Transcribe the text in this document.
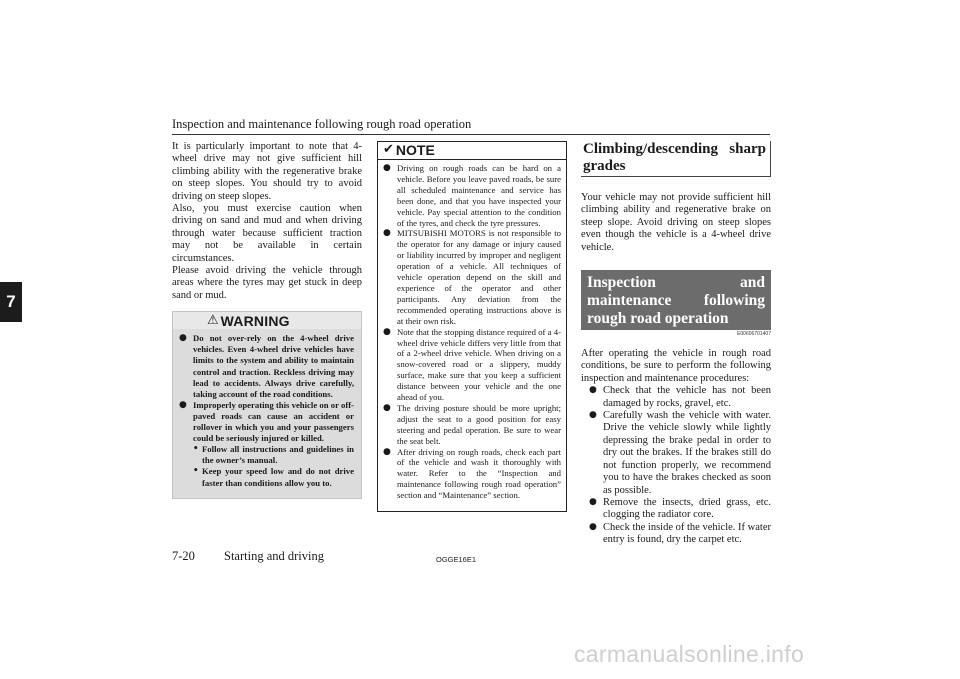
Inspection and maintenance following rough road operation
7

It is particularly important to note that 4-wheel drive may not give sufficient hill climbing ability with the regenerative brake on steep slopes. You should try to avoid driving on steep slopes.

Also, you must exercise caution when driving on sand and mud and when driving through water because sufficient traction may not be available in certain circumstances.

Please avoid driving the vehicle through areas where the tyres may get stuck in deep sand or mud.

⚠ WARNING
● Do not over-rely on the 4-wheel drive vehicles. Even 4-wheel drive vehicles have limits to the system and ability to maintain control and traction. Reckless driving may lead to accidents. Always drive carefully, taking account of the road conditions.
● Improperly operating this vehicle on or off-paved roads can cause an accident or rollover in which you and your passengers could be seriously injured or killed.
• Follow all instructions and guidelines in the owner’s manual.
• Keep your speed low and do not drive faster than conditions allow you to.
✔ NOTE
● Driving on rough roads can be hard on a vehicle. Before you leave paved roads, be sure all scheduled maintenance and service has been done, and that you have inspected your vehicle. Pay special attention to the condition of the tyres, and check the tyre pressures.
● MITSUBISHI MOTORS is not responsible to the operator for any damage or injury caused or liability incurred by improper and negligent operation of a vehicle. All techniques of vehicle operation depend on the skill and experience of the operator and other participants. Any deviation from the recommended operating instructions above is at their own risk.
● Note that the stopping distance required of a 4-wheel drive vehicle differs very little from that of a 2-wheel drive vehicle. When driving on a snow-covered road or a slippery, muddy surface, make sure that you keep a sufficient distance between your vehicle and the one ahead of you.
● The driving posture should be more upright; adjust the seat to a good position for easy steering and pedal operation. Be sure to wear the seat belt.
● After driving on rough roads, check each part of the vehicle and wash it thoroughly with water. Refer to the “Inspection and maintenance following rough road operation” section and “Maintenance” section.
Climbing/descending sharp grades

Your vehicle may not provide sufficient hill climbing ability and regenerative brake on steep slope. Avoid driving on steep slopes even though the vehicle is a 4-wheel drive vehicle.

Inspection and maintenance following rough road operation
E00606701407

After operating the vehicle in rough road conditions, be sure to perform the following inspection and maintenance procedures:

● Check that the vehicle has not been damaged by rocks, gravel, etc.
● Carefully wash the vehicle with water. Drive the vehicle slowly while lightly depressing the brake pedal in order to dry out the brakes. If the brakes still do not function properly, we recommend you to have the brakes checked as soon as possible.
● Remove the insects, dried grass, etc. clogging the radiator core.
● Check the inside of the vehicle. If water entry is found, dry the carpet etc.
7-20 Starting and driving	OGGE16E1
carmanualsonline.info
